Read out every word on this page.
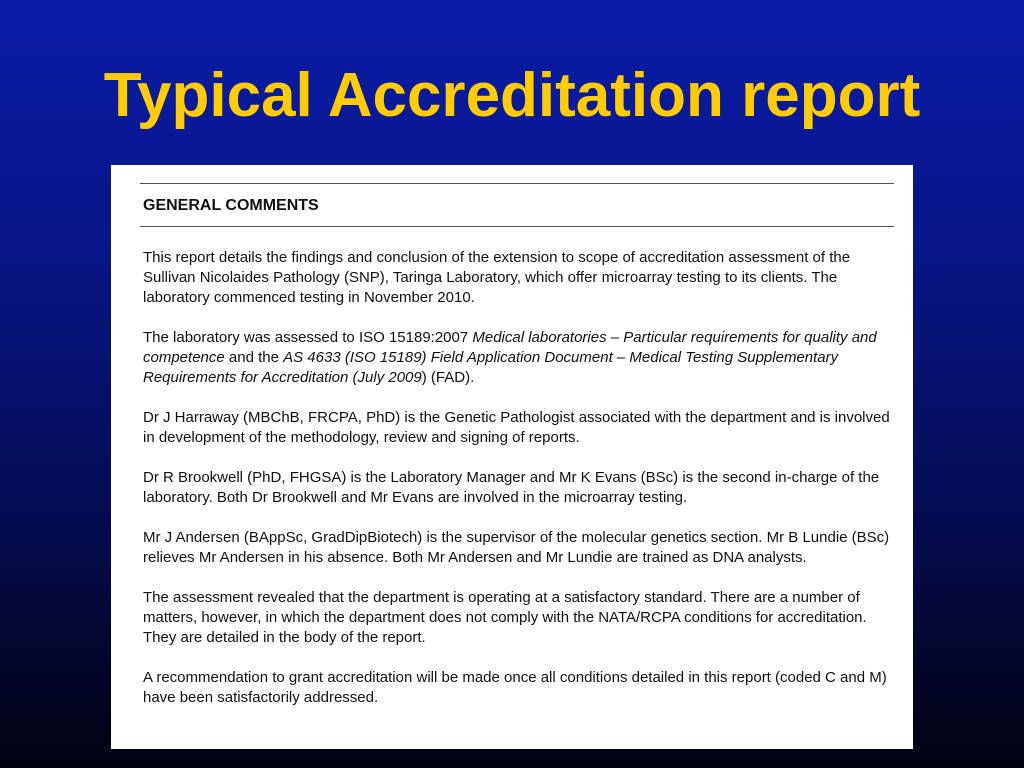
Typical Accreditation report
GENERAL COMMENTS

This report details the findings and conclusion of the extension to scope of accreditation assessment of the Sullivan Nicolaides Pathology (SNP), Taringa Laboratory, which offer microarray testing to its clients. The laboratory commenced testing in November 2010.

The laboratory was assessed to ISO 15189:2007 Medical laboratories – Particular requirements for quality and competence and the AS 4633 (ISO 15189) Field Application Document – Medical Testing Supplementary Requirements for Accreditation (July 2009) (FAD).

Dr J Harraway (MBChB, FRCPA, PhD) is the Genetic Pathologist associated with the department and is involved in development of the methodology, review and signing of reports.

Dr R Brookwell (PhD, FHGSA) is the Laboratory Manager and Mr K Evans (BSc) is the second in-charge of the laboratory. Both Dr Brookwell and Mr Evans are involved in the microarray testing.

Mr J Andersen (BAppSc, GradDipBiotech) is the supervisor of the molecular genetics section. Mr B Lundie (BSc) relieves Mr Andersen in his absence. Both Mr Andersen and Mr Lundie are trained as DNA analysts.

The assessment revealed that the department is operating at a satisfactory standard. There are a number of matters, however, in which the department does not comply with the NATA/RCPA conditions for accreditation. They are detailed in the body of the report.

A recommendation to grant accreditation will be made once all conditions detailed in this report (coded C and M) have been satisfactorily addressed.
